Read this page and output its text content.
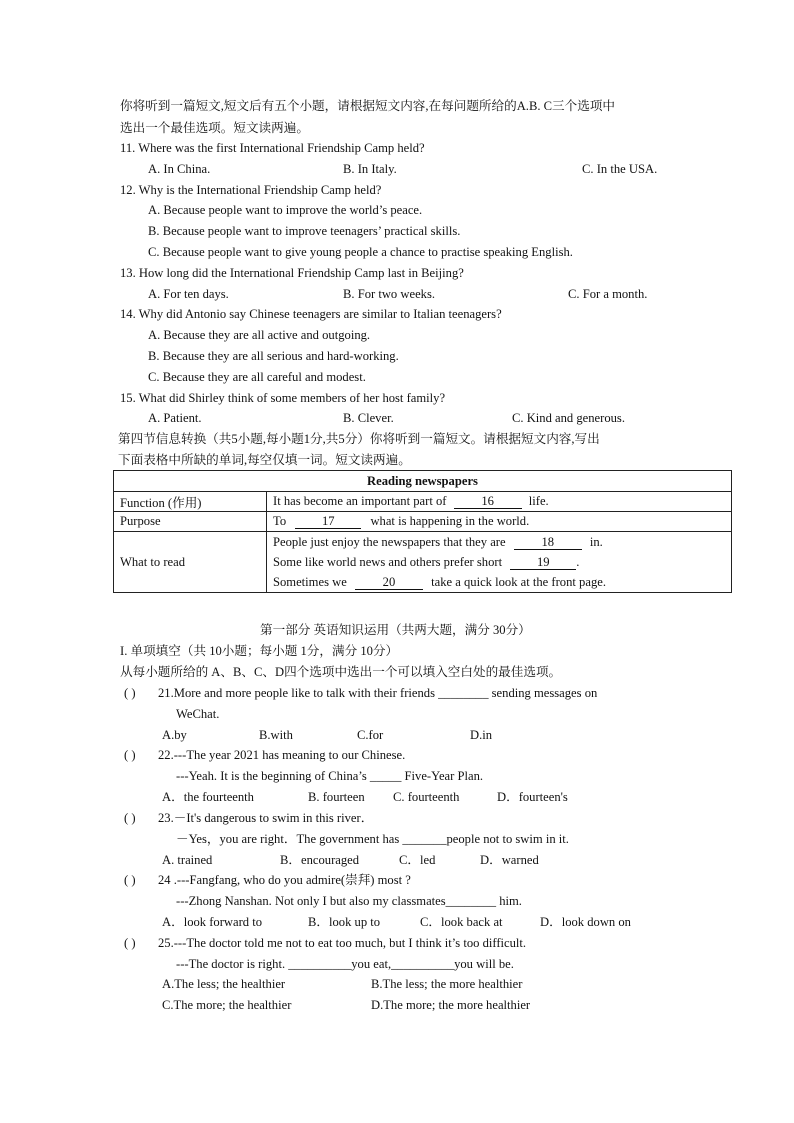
你将听到一篇短文,短文后有五个小题，请根据短文内容,在每问题所给的A.B. C三个选项中
选出一个最佳选项。短文读两遍。
11. Where was the first International Friendship Camp held?
A. In China.	B. In Italy.	C. In the USA.
12. Why is the International Friendship Camp held?
A. Because people want to improve the world’s peace.
B. Because people want to improve teenagers’ practical skills.
C. Because people want to give young people a chance to practise speaking English.
13. How long did the International Friendship Camp last in Beijing?
A. For ten days.	B. For two weeks.	C. For a month.
14. Why did Antonio say Chinese teenagers are similar to Italian teenagers?
A. Because they are all active and outgoing.
B. Because they are all serious and hard-working.
C. Because they are all careful and modest.
15. What did Shirley think of some members of her host family?
A. Patient.	B. Clever.	C. Kind and generous.
第四节信息转换（共5小题,每小题1分,共5分）你将听到一篇短文。请根据短文内容,写出
下面表格中所缺的单词,每空仅填一词。短文读两遍。
Reading newspapers	
Function (作用)	It has become an important part of 16 life.
Purpose	To 17 what is happening in the world.
What to read	People just enjoy the newspapers that they are 18 in.
Some like world news and others prefer short 19 .
Sometimes we 20 take a quick look at the front page.
第一部分 英语知识运用（共两大题，满分 30分）
I. 单项填空（共 10小题；每小题 1分，满分 10分）
从每小题所给的 A、B、C、D四个选项中选出一个可以填入空白处的最佳选项。
( ) 21.More and more people like to talk with their friends ________ sending messages on
WeChat.
A.by	B.with	C.for	D.in
( ) 22.---The year 2021 has meaning to our Chinese.
---Yeah. It is the beginning of China’s _____ Five-Year Plan.
A．the fourteenth	B. fourteen C. fourteenth	D．fourteen's
( ) 23.－It's dangerous to swim in this river．
－Yes，you are right．The government has _______people not to swim in it.
A. trained	B．encouraged	C．led	D．warned
( ) 24 .---Fangfang, who do you admire(崇拜) most ?
---Zhong Nanshan. Not only I but also my classmates________ him.
A．look forward to	B．look up to	C．look back at	D．look down on
( ) 25.---The doctor told me not to eat too much, but I think it’s too difficult.
---The doctor is right. __________you eat,__________you will be.
A.The less; the healthier	B.The less; the more healthier
C.The more; the healthier	D.The more; the more healthier
